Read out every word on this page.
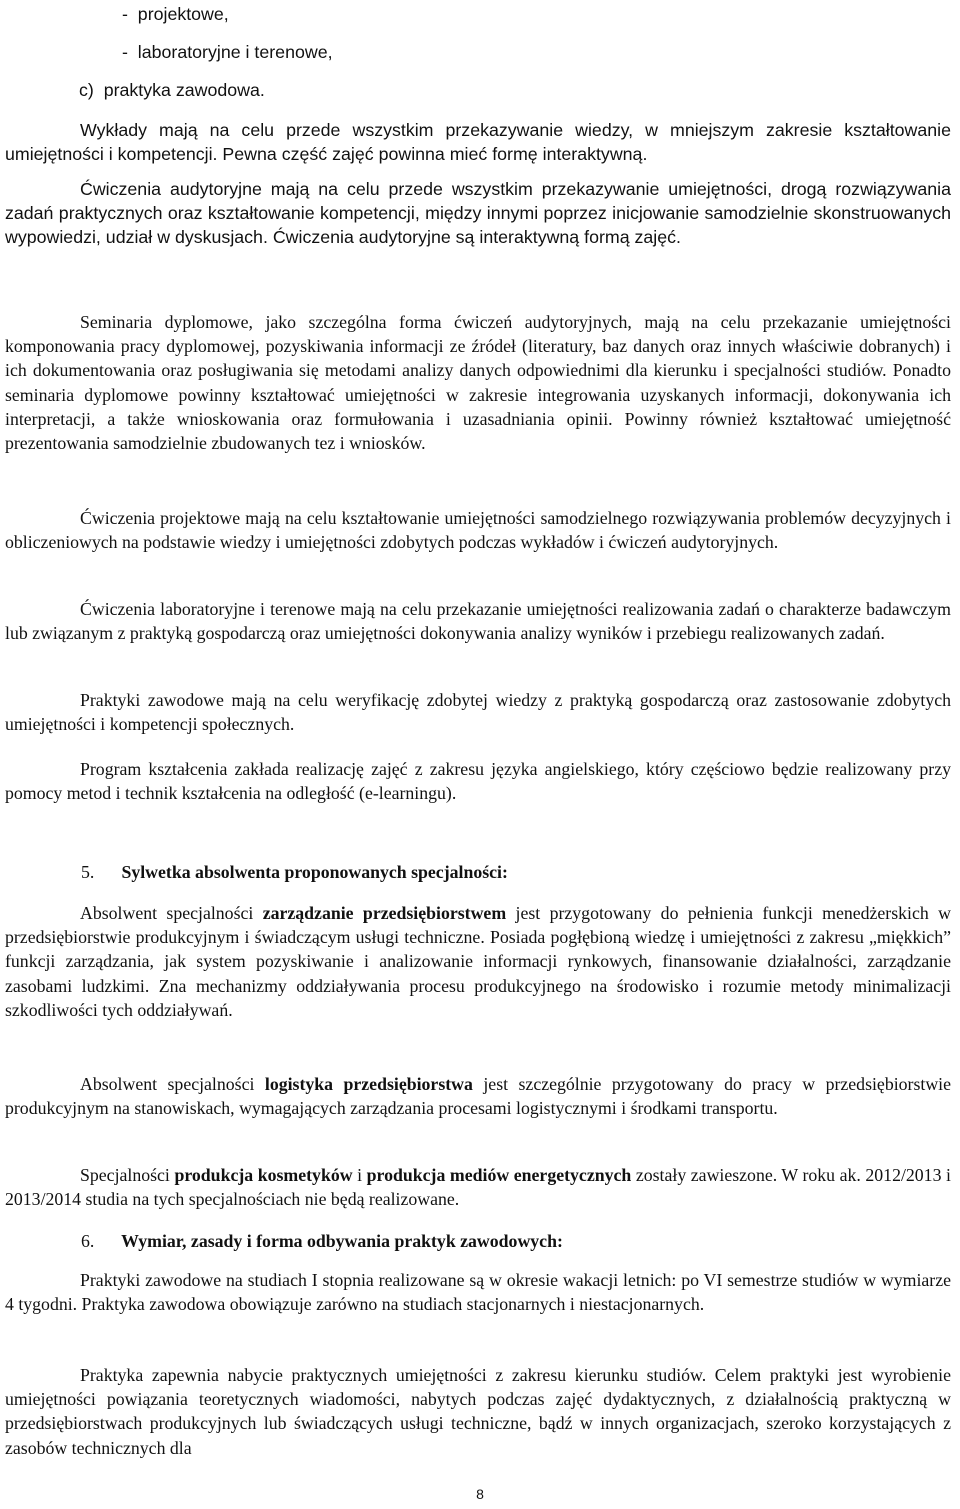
-  projektowe,
-  laboratoryjne i terenowe,
c)  praktyka zawodowa.

Wykłady mają na celu przede wszystkim przekazywanie wiedzy, w mniejszym zakresie kształtowanie umiejętności i kompetencji. Pewna część zajęć powinna mieć formę interaktywną.

Ćwiczenia audytoryjne mają na celu przede wszystkim przekazywanie umiejętności, drogą rozwiązywania zadań praktycznych oraz kształtowanie kompetencji, między innymi poprzez inicjowanie samodzielnie skonstruowanych wypowiedzi, udział w dyskusjach. Ćwiczenia audytoryjne są interaktywną formą zajęć.

Seminaria dyplomowe, jako szczególna forma ćwiczeń audytoryjnych, mają na celu przekazanie umiejętności komponowania pracy dyplomowej, pozyskiwania informacji ze źródeł (literatury, baz danych oraz innych właściwie dobranych) i ich dokumentowania oraz posługiwania się metodami analizy danych odpowiednimi dla kierunku i specjalności studiów. Ponadto seminaria dyplomowe powinny kształtować umiejętności w zakresie integrowania uzyskanych informacji, dokonywania ich interpretacji, a także wnioskowania oraz formułowania i uzasadniania opinii. Powinny również kształtować umiejętność prezentowania samodzielnie zbudowanych tez i wniosków.

Ćwiczenia projektowe mają na celu kształtowanie umiejętności samodzielnego rozwiązywania problemów decyzyjnych i obliczeniowych na podstawie wiedzy i umiejętności zdobytych podczas wykładów i ćwiczeń audytoryjnych.

Ćwiczenia laboratoryjne i terenowe mają na celu przekazanie umiejętności realizowania zadań o charakterze badawczym lub związanym z praktyką gospodarczą oraz umiejętności dokonywania analizy wyników i przebiegu realizowanych zadań.

Praktyki zawodowe mają na celu weryfikację zdobytej wiedzy z praktyką gospodarczą oraz zastosowanie zdobytych umiejętności i kompetencji społecznych.

Program kształcenia zakłada realizację zajęć z zakresu języka angielskiego, który częściowo będzie realizowany przy pomocy metod i technik kształcenia na odległość (e-learningu).

5. Sylwetka absolwenta proponowanych specjalności:

Absolwent specjalności zarządzanie przedsiębiorstwem jest przygotowany do pełnienia funkcji menedżerskich w przedsiębiorstwie produkcyjnym i świadczącym usługi techniczne. Posiada pogłębioną wiedzę i umiejętności z zakresu „miękkich” funkcji zarządzania, jak system pozyskiwanie i analizowanie informacji rynkowych, finansowanie działalności, zarządzanie zasobami ludzkimi. Zna mechanizmy oddziaływania procesu produkcyjnego na środowisko i rozumie metody minimalizacji szkodliwości tych oddziaływań.

Absolwent specjalności logistyka przedsiębiorstwa jest szczególnie przygotowany do pracy w przedsiębiorstwie produkcyjnym na stanowiskach, wymagających zarządzania procesami logistycznymi i środkami transportu.

Specjalności produkcja kosmetyków i produkcja mediów energetycznych zostały zawieszone. W roku ak. 2012/2013 i 2013/2014 studia na tych specjalnościach nie będą realizowane.

6. Wymiar, zasady i forma odbywania praktyk zawodowych:

Praktyki zawodowe na studiach I stopnia realizowane są w okresie wakacji letnich: po VI semestrze studiów w wymiarze 4 tygodni. Praktyka zawodowa obowiązuje zarówno na studiach stacjonarnych i niestacjonarnych.

Praktyka zapewnia nabycie praktycznych umiejętności z zakresu kierunku studiów. Celem praktyki jest wyrobienie umiejętności powiązania teoretycznych wiadomości, nabytych podczas zajęć dydaktycznych, z działalnością praktyczną w przedsiębiorstwach produkcyjnych lub świadczących usługi techniczne, bądź w innych organizacjach, szeroko korzystających z zasobów technicznych dla

8
